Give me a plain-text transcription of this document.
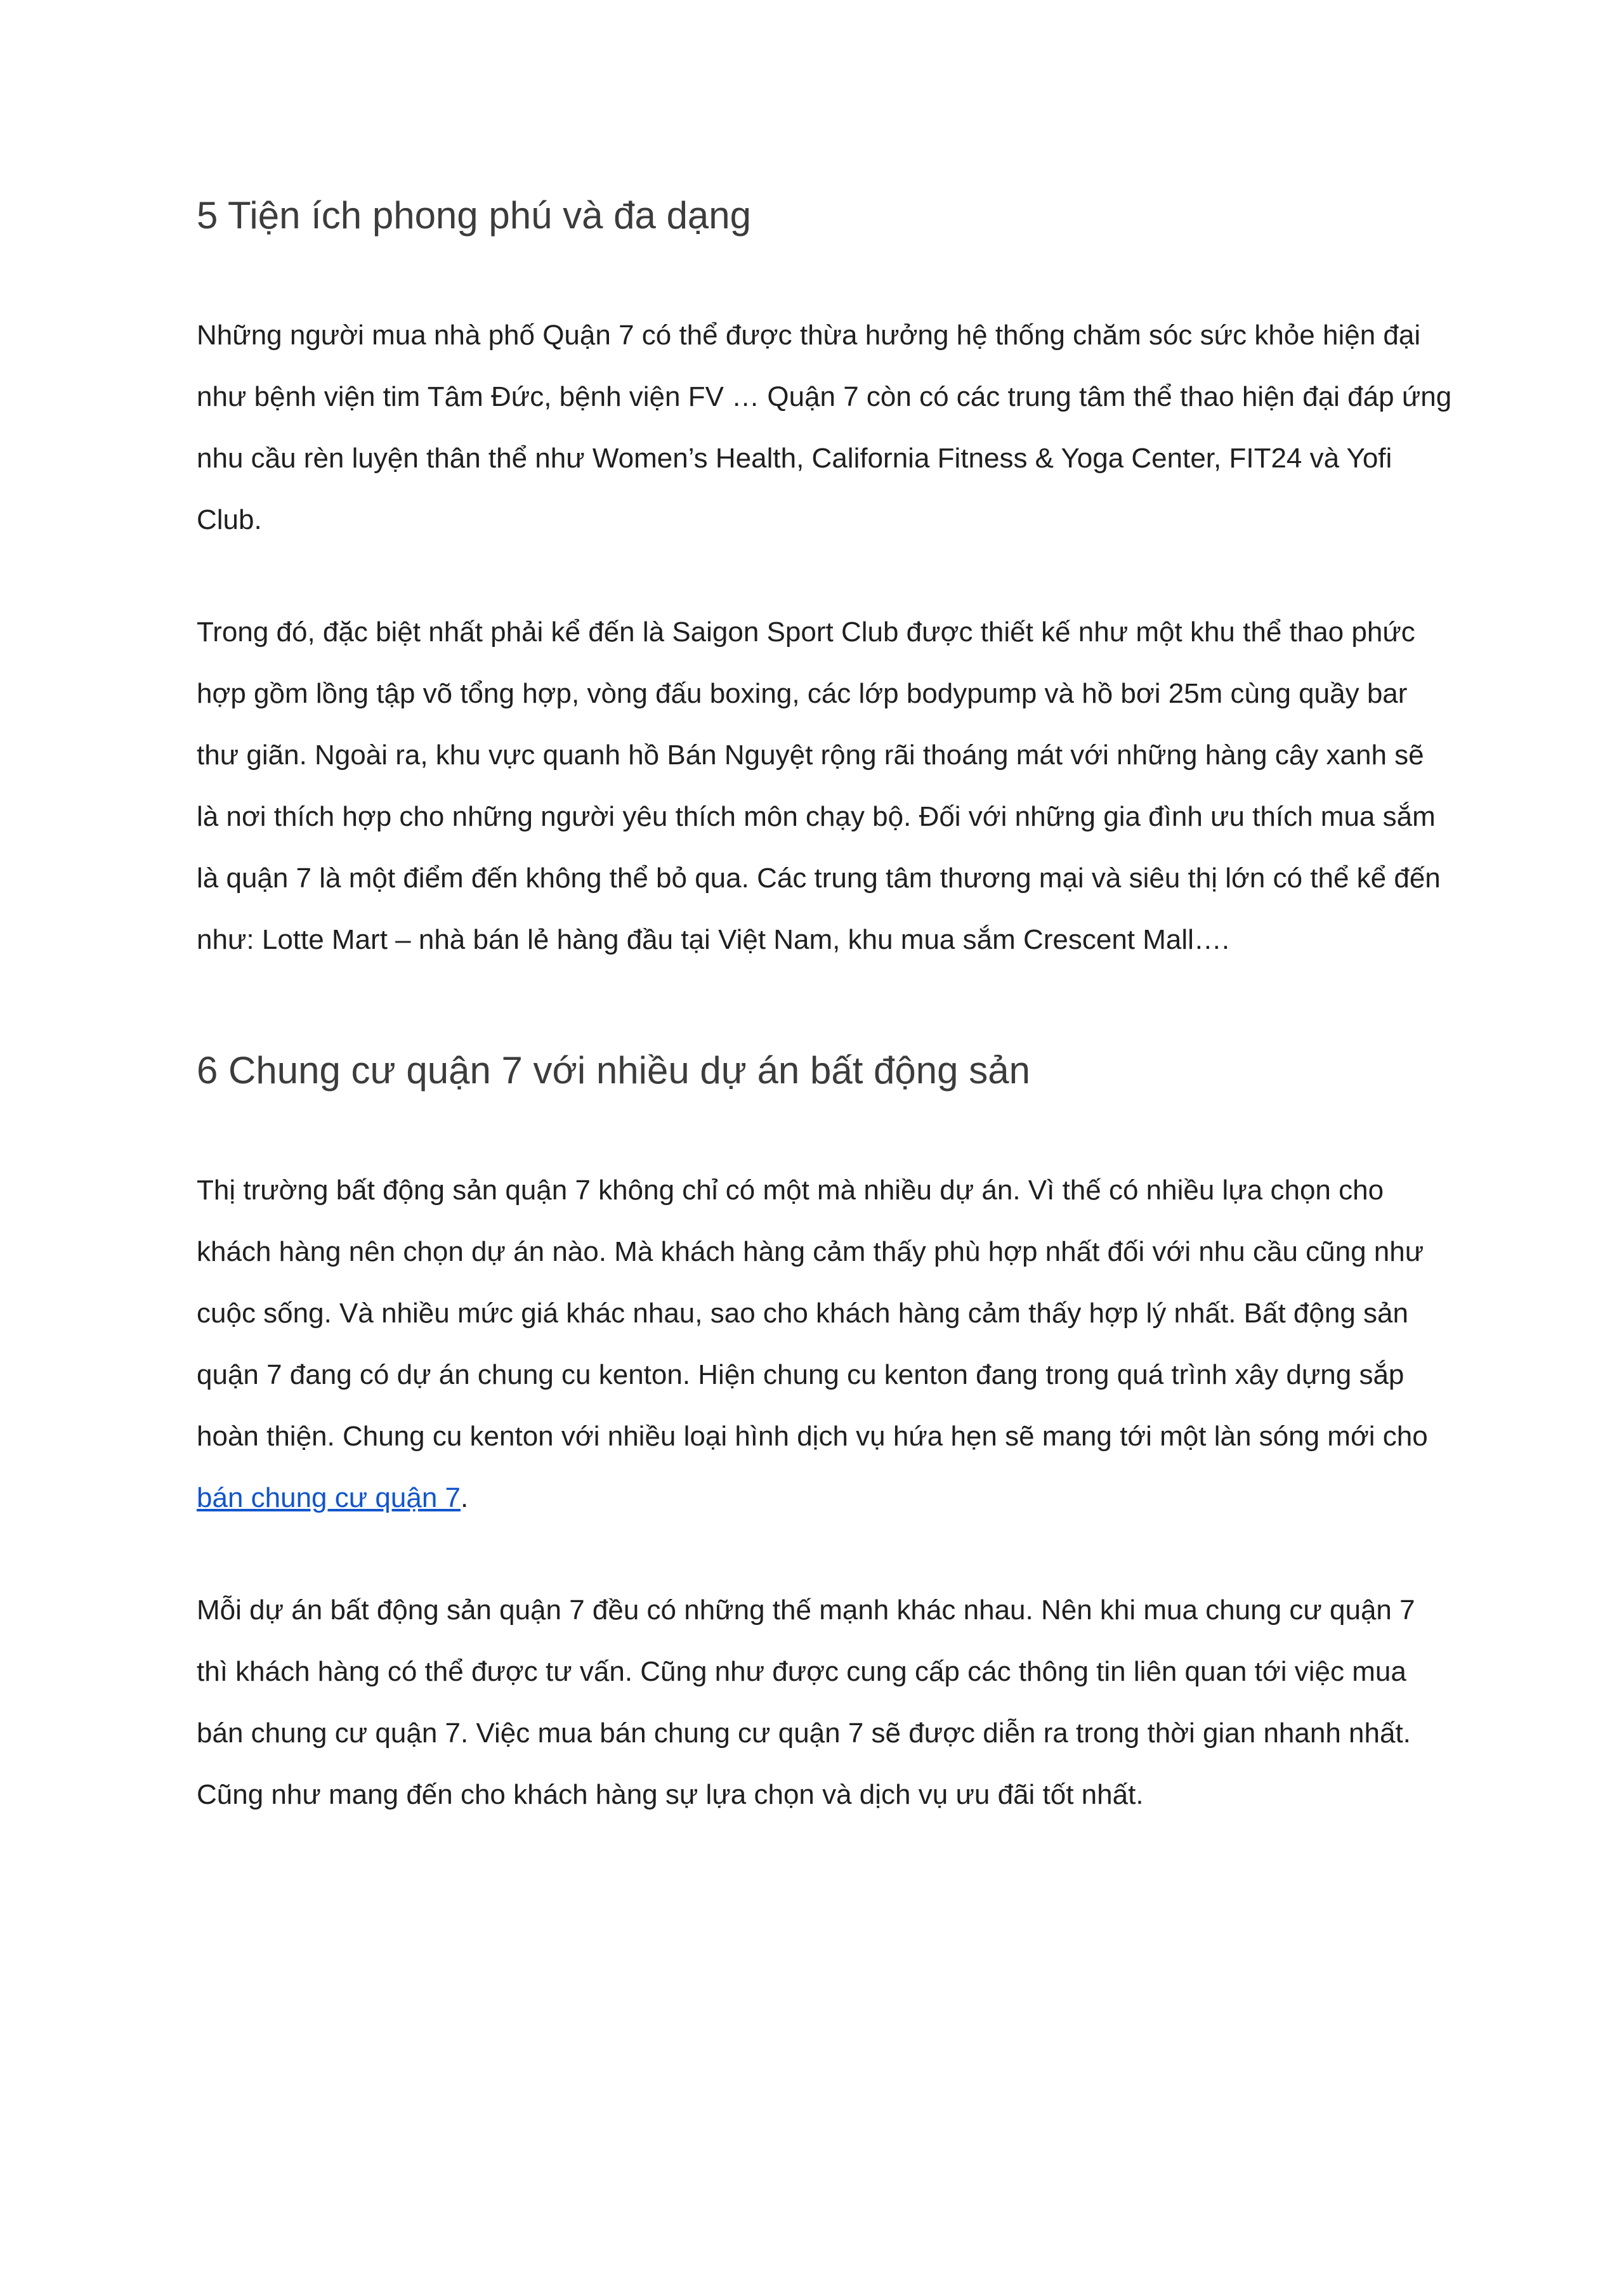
5 Tiện ích phong phú và đa dạng

Những người mua nhà phố Quận 7 có thể được thừa hưởng hệ thống chăm sóc sức khỏe hiện đại như bệnh viện tim Tâm Đức, bệnh viện FV … Quận 7 còn có các trung tâm thể thao hiện đại đáp ứng nhu cầu rèn luyện thân thể như Women’s Health, California Fitness & Yoga Center, FIT24 và Yofi Club.

Trong đó, đặc biệt nhất phải kể đến là Saigon Sport Club được thiết kế như một khu thể thao phức hợp gồm lồng tập võ tổng hợp, vòng đấu boxing, các lớp bodypump và hồ bơi 25m cùng quầy bar thư giãn. Ngoài ra, khu vực quanh hồ Bán Nguyệt rộng rãi thoáng mát với những hàng cây xanh sẽ là nơi thích hợp cho những người yêu thích môn chạy bộ. Đối với những gia đình ưu thích mua sắm là quận 7 là một điểm đến không thể bỏ qua. Các trung tâm thương mại và siêu thị lớn có thể kể đến như: Lotte Mart – nhà bán lẻ hàng đầu tại Việt Nam, khu mua sắm Crescent Mall….

6 Chung cư quận 7 với nhiều dự án bất động sản

Thị trường bất động sản quận 7 không chỉ có một mà nhiều dự án. Vì thế có nhiều lựa chọn cho khách hàng nên chọn dự án nào. Mà khách hàng cảm thấy phù hợp nhất đối với nhu cầu cũng như cuộc sống. Và nhiều mức giá khác nhau, sao cho khách hàng cảm thấy hợp lý nhất. Bất động sản quận 7 đang có dự án chung cu kenton. Hiện chung cu kenton đang trong quá trình xây dựng sắp hoàn thiện. Chung cu kenton với nhiều loại hình dịch vụ hứa hẹn sẽ mang tới một làn sóng mới cho bán chung cư quận 7.

Mỗi dự án bất động sản quận 7 đều có những thế mạnh khác nhau. Nên khi mua chung cư quận 7 thì khách hàng có thể được tư vấn. Cũng như được cung cấp các thông tin liên quan tới việc mua bán chung cư quận 7. Việc mua bán chung cư quận 7 sẽ được diễn ra trong thời gian nhanh nhất. Cũng như mang đến cho khách hàng sự lựa chọn và dịch vụ ưu đãi tốt nhất.
